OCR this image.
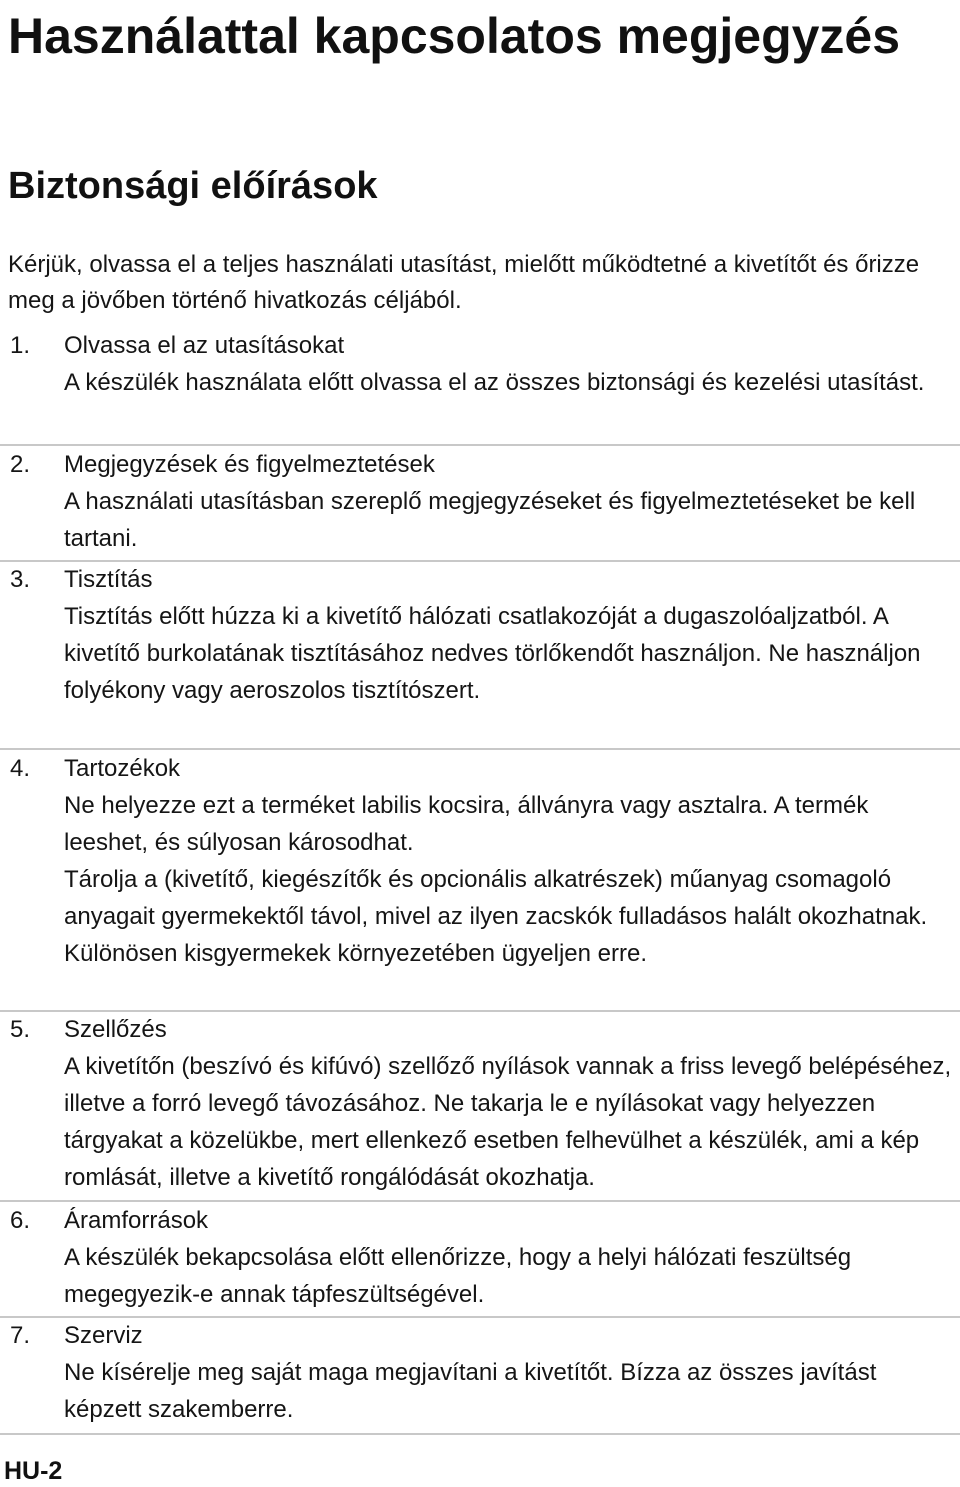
Használattal kapcsolatos megjegyzés
Biztonsági előírások

Kérjük, olvassa el a teljes használati utasítást, mielőtt működtetné a kivetítőt és őrizze meg a jövőben történő hivatkozás céljából.

1. Olvassa el az utasításokat

A készülék használata előtt olvassa el az összes biztonsági és kezelési utasítást.

2. Megjegyzések és figyelmeztetések

A használati utasításban szereplő megjegyzéseket és figyelmeztetéseket be kell tartani.

3. Tisztítás

Tisztítás előtt húzza ki a kivetítő hálózati csatlakozóját a dugaszolóaljzatból. A kivetítő burkolatának tisztításához nedves törlőkendőt használjon. Ne használjon folyékony vagy aeroszolos tisztítószert.

4. Tartozékok

Ne helyezze ezt a terméket labilis kocsira, állványra vagy asztalra. A termék leeshet, és súlyosan károsodhat.

Tárolja a (kivetítő, kiegészítők és opcionális alkatrészek) műanyag csomagoló anyagait gyermekektől távol, mivel az ilyen zacskók fulladásos halált okozhatnak. Különösen kisgyermekek környezetében ügyeljen erre.

5. Szellőzés

A kivetítőn (beszívó és kifúvó) szellőző nyílások vannak a friss levegő belépéséhez, illetve a forró levegő távozásához. Ne takarja le e nyílásokat vagy helyezzen tárgyakat a közelükbe, mert ellenkező esetben felhevülhet a készülék, ami a kép romlását, illetve a kivetítő rongálódását okozhatja.

6. Áramforrások

A készülék bekapcsolása előtt ellenőrizze, hogy a helyi hálózati feszültség megegyezik-e annak tápfeszültségével.

7. Szerviz

Ne kísérelje meg saját maga megjavítani a kivetítőt. Bízza az összes javítást képzett szakemberre.

HU-2
